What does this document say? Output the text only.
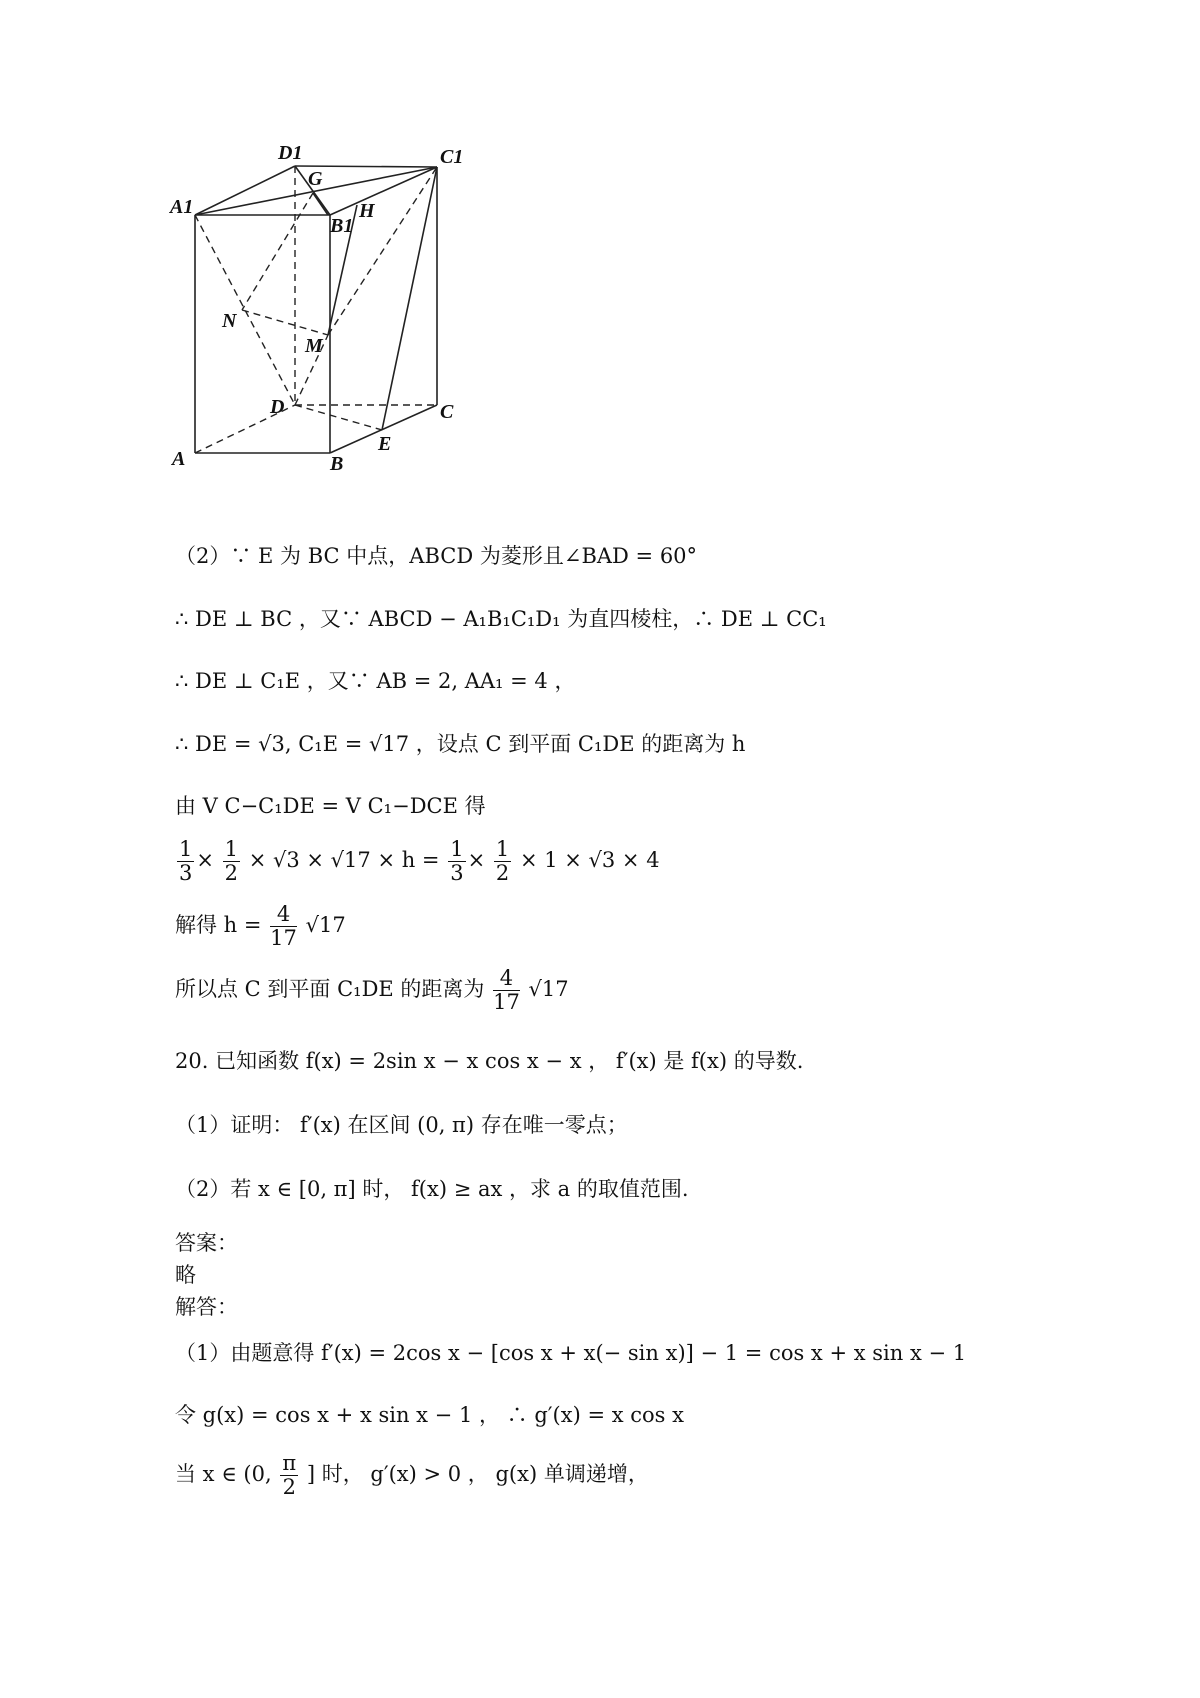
D1	C1
A1
B1
G
H
N
M
D	C
A	B
E
（2）∵ E 为 BC 中点，ABCD 为菱形且∠BAD = 60°
∴ DE ⊥ BC ，又∵ ABCD − A₁B₁C₁D₁ 为直四棱柱，∴ DE ⊥ CC₁
∴ DE ⊥ C₁E ，又∵ AB = 2, AA₁ = 4 ，
∴ DE = √3, C₁E = √17 ，设点 C 到平面 C₁DE 的距离为 h
由 V C−C₁DE = V C₁−DCE 得
$\frac{1}{3} \times \frac{1}{2} \times √3 \times √17 \times h = \frac{1}{3} \times \frac{1}{2} \times 1 \times √3 \times 4$
解得 $h = \frac{4}{17} √17$
所以点 C 到平面 C₁DE 的距离为 $\frac{4}{17} √17$
20. 已知函数 f(x) = 2sin x − x cos x − x ， f′(x) 是 f(x) 的导数.
（1）证明： f′(x) 在区间 (0, π) 存在唯一零点；
（2）若 x ∈ [0, π] 时， f(x) ≥ ax ，求 a 的取值范围.
答案：
略
解答：
（1）由题意得 f′(x) = 2cos x − [cos x + x(− sin x)] − 1 = cos x + x sin x − 1
令 g(x) = cos x + x sin x − 1 ， ∴ g′(x) = x cos x
当 x ∈ (0, $\frac{\pi}{2}$ ] 时， g′(x) > 0 ， g(x) 单调递增，
